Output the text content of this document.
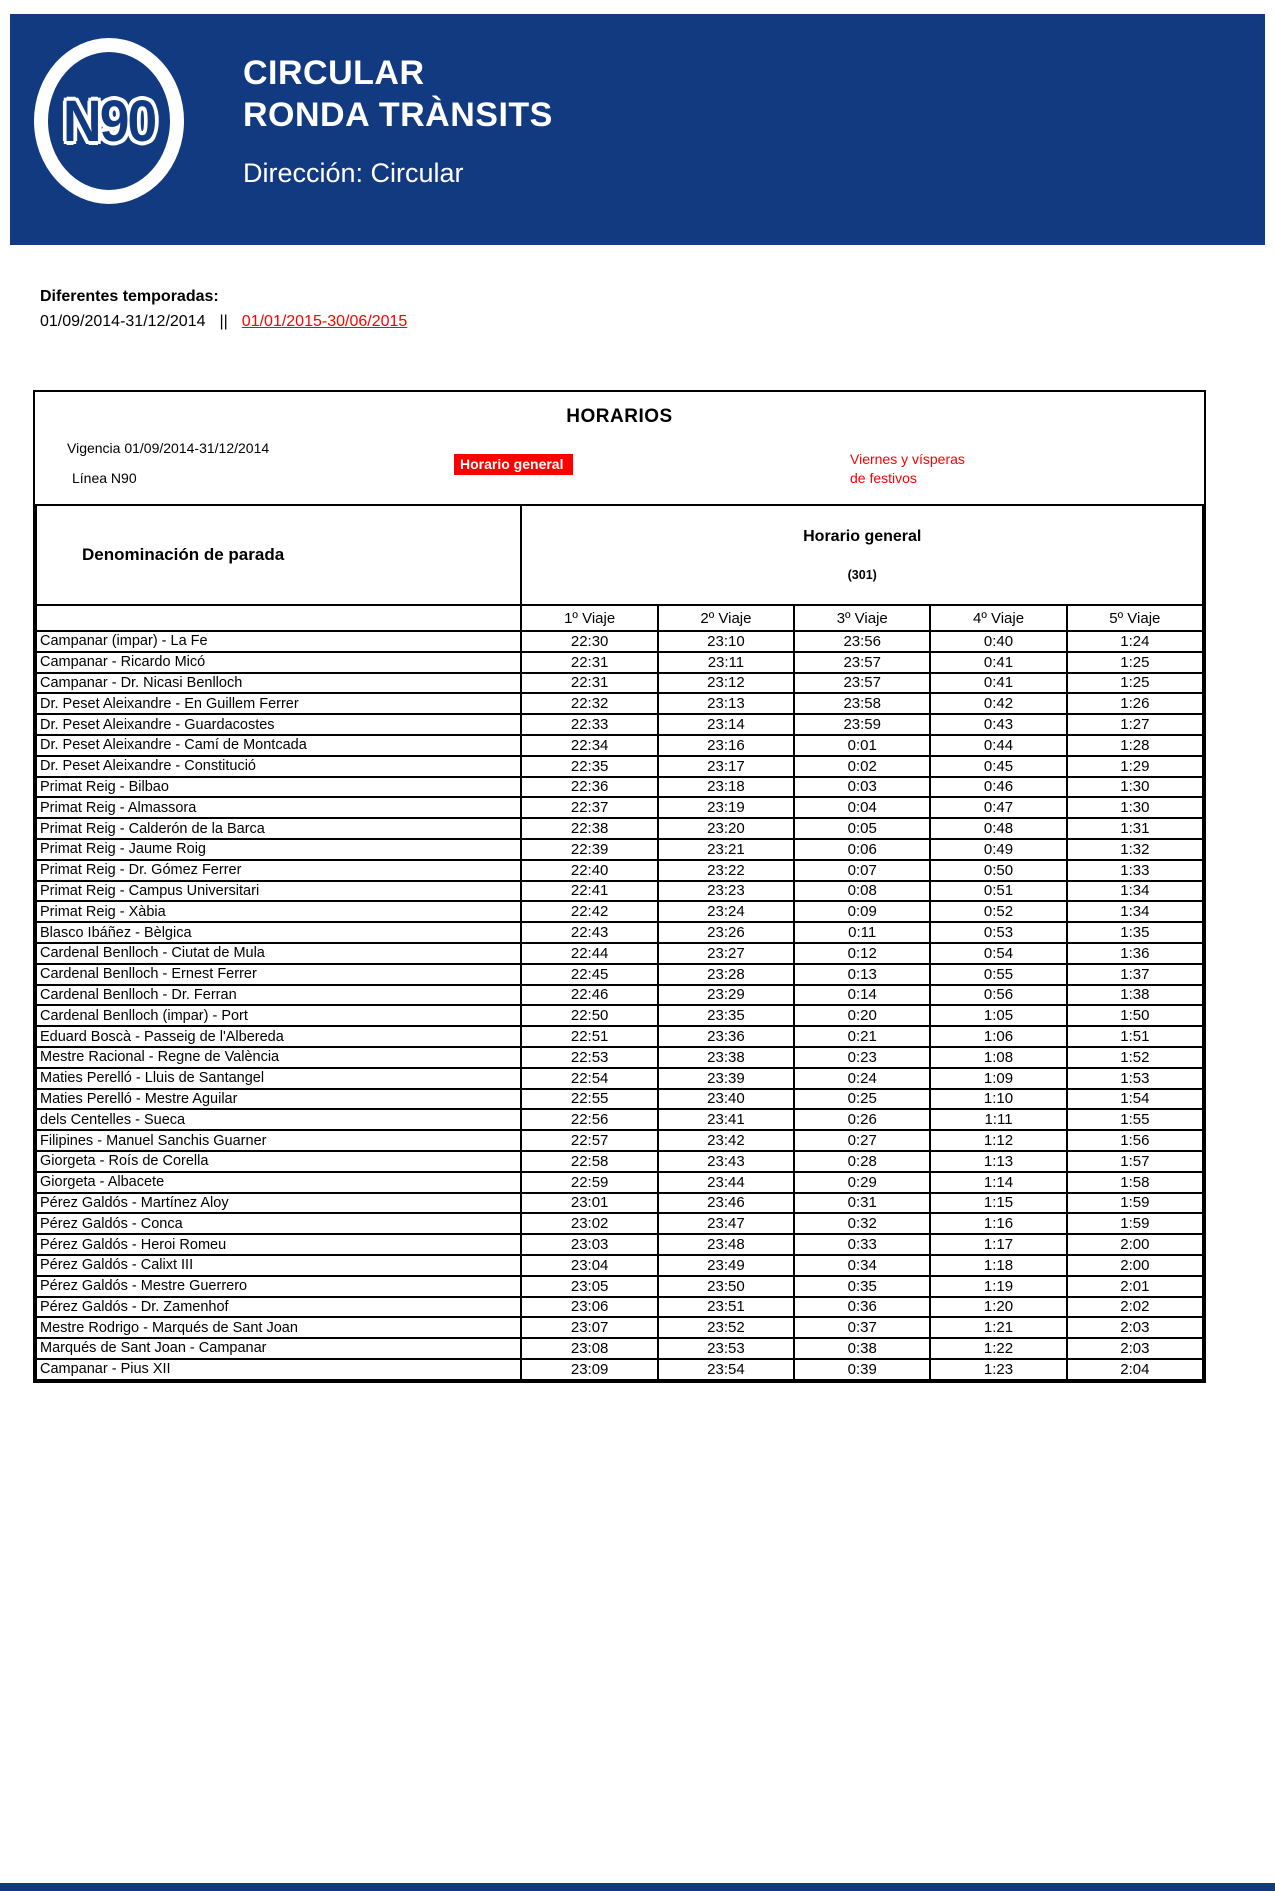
N90
CIRCULAR
RONDA TRÀNSITS
Dirección: Circular
Diferentes temporadas:
01/09/2014-31/12/2014 || 01/01/2015-30/06/2015
HORARIOS
Vigencia 01/09/2014-31/12/2014
Línea N90
Horario general	Viernes y vísperas
de festivos
Denominación de parada	Horario general
(301)				

	1º Viaje	2º Viaje	3º Viaje	4º Viaje	5º Viaje
Campanar (impar) - La Fe	22:30	23:10	23:56	0:40	1:24
Campanar - Ricardo Micó	22:31	23:11	23:57	0:41	1:25
Campanar - Dr. Nicasi Benlloch	22:31	23:12	23:57	0:41	1:25
Dr. Peset Aleixandre - En Guillem Ferrer	22:32	23:13	23:58	0:42	1:26
Dr. Peset Aleixandre - Guardacostes	22:33	23:14	23:59	0:43	1:27
Dr. Peset Aleixandre - Camí de Montcada	22:34	23:16	0:01	0:44	1:28
Dr. Peset Aleixandre - Constitució	22:35	23:17	0:02	0:45	1:29
Primat Reig - Bilbao	22:36	23:18	0:03	0:46	1:30
Primat Reig - Almassora	22:37	23:19	0:04	0:47	1:30
Primat Reig - Calderón de la Barca	22:38	23:20	0:05	0:48	1:31
Primat Reig - Jaume Roig	22:39	23:21	0:06	0:49	1:32
Primat Reig - Dr. Gómez Ferrer	22:40	23:22	0:07	0:50	1:33
Primat Reig - Campus Universitari	22:41	23:23	0:08	0:51	1:34
Primat Reig - Xàbia	22:42	23:24	0:09	0:52	1:34
Blasco Ibáñez - Bèlgica	22:43	23:26	0:11	0:53	1:35
Cardenal Benlloch - Ciutat de Mula	22:44	23:27	0:12	0:54	1:36
Cardenal Benlloch - Ernest Ferrer	22:45	23:28	0:13	0:55	1:37
Cardenal Benlloch - Dr. Ferran	22:46	23:29	0:14	0:56	1:38
Cardenal Benlloch (impar) - Port	22:50	23:35	0:20	1:05	1:50
Eduard Boscà - Passeig de l'Albereda	22:51	23:36	0:21	1:06	1:51
Mestre Racional - Regne de València	22:53	23:38	0:23	1:08	1:52
Maties Perelló - Lluis de Santangel	22:54	23:39	0:24	1:09	1:53
Maties Perelló - Mestre Aguilar	22:55	23:40	0:25	1:10	1:54
dels Centelles - Sueca	22:56	23:41	0:26	1:11	1:55
Filipines - Manuel Sanchis Guarner	22:57	23:42	0:27	1:12	1:56
Giorgeta - Roís de Corella	22:58	23:43	0:28	1:13	1:57
Giorgeta - Albacete	22:59	23:44	0:29	1:14	1:58
Pérez Galdós - Martínez Aloy	23:01	23:46	0:31	1:15	1:59
Pérez Galdós - Conca	23:02	23:47	0:32	1:16	1:59
Pérez Galdós - Heroi Romeu	23:03	23:48	0:33	1:17	2:00
Pérez Galdós - Calixt III	23:04	23:49	0:34	1:18	2:00
Pérez Galdós - Mestre Guerrero	23:05	23:50	0:35	1:19	2:01
Pérez Galdós - Dr. Zamenhof	23:06	23:51	0:36	1:20	2:02
Mestre Rodrigo - Marqués de Sant Joan	23:07	23:52	0:37	1:21	2:03
Marqués de Sant Joan - Campanar	23:08	23:53	0:38	1:22	2:03
Campanar - Pius XII	23:09	23:54	0:39	1:23	2:04
